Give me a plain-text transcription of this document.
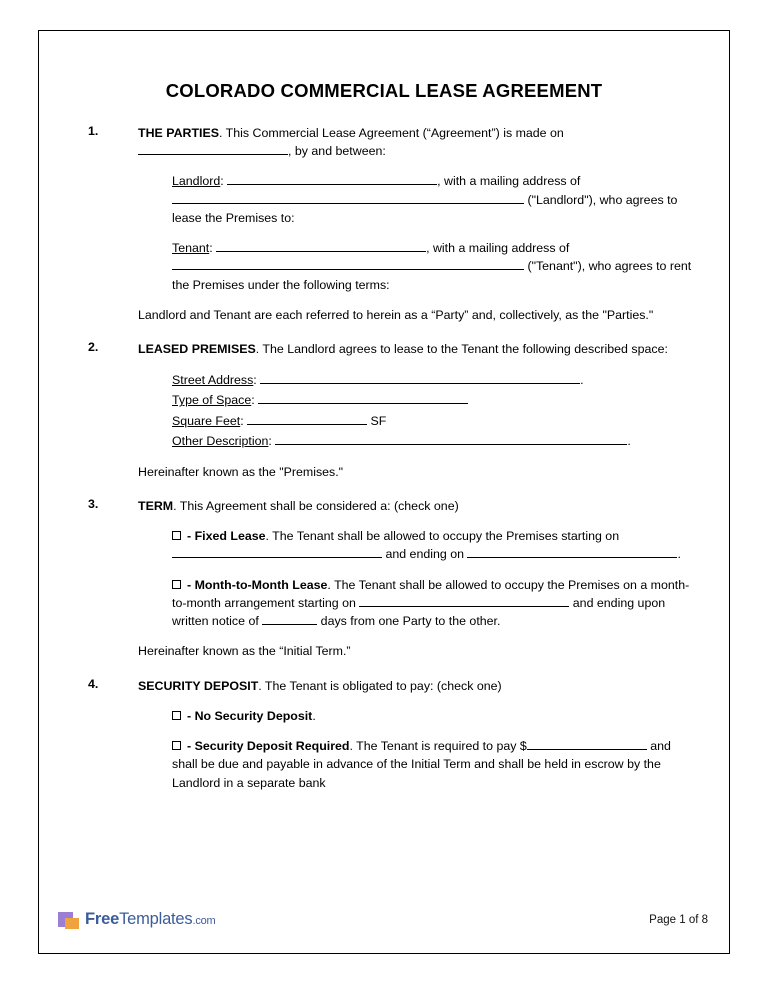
COLORADO COMMERCIAL LEASE AGREEMENT
1.	THE PARTIES. This Commercial Lease Agreement (“Agreement”) is made on , by and between:

Landlord:	, with a mailing address of  ("Landlord"), who agrees to lease the Premises to:

Tenant:	, with a mailing address of  ("Tenant"), who agrees to rent the Premises under the following terms:

Landlord and Tenant are each referred to herein as a “Party” and, collectively, as the "Parties."

2.	LEASED PREMISES. The Landlord agrees to lease to the Tenant the following described space:

Street Address:	.
Type of Space:
Square Feet:	SF
Other Description:	.

Hereinafter known as the "Premises."

3.	TERM. This Agreement shall be considered a: (check one)

- Fixed Lease. The Tenant shall be allowed to occupy the Premises starting on  and ending on	.

- Month-to-Month Lease. The Tenant shall be allowed to occupy the Premises on a month-to-month arrangement starting on	and ending upon written notice of	days from one Party to the other.

Hereinafter known as the “Initial Term.”

4.	SECURITY DEPOSIT. The Tenant is obligated to pay: (check one)

- No Security Deposit.

- Security Deposit Required. The Tenant is required to pay $	and shall be due and payable in advance of the Initial Term and shall be held in escrow by the Landlord in a separate bank

FreeTemplates.com	Page 1 of 8
